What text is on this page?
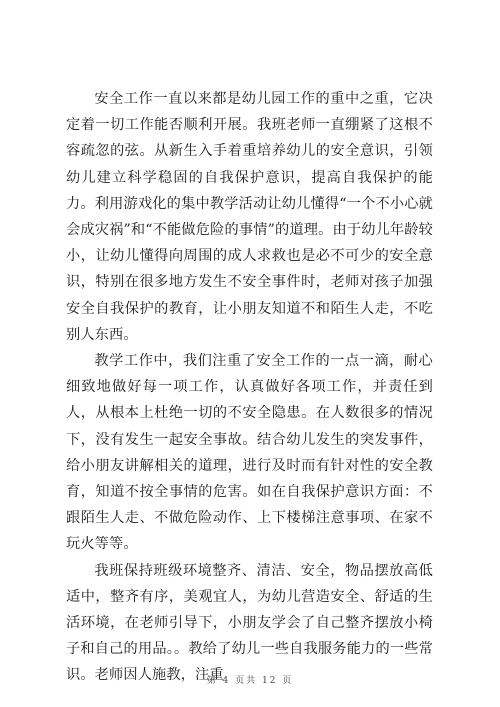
安全工作一直以来都是幼儿园工作的重中之重，它决定着一切工作能否顺利开展。我班老师一直绷紧了这根不容疏忽的弦。从新生入手着重培养幼儿的安全意识，引领幼儿建立科学稳固的自我保护意识，提高自我保护的能力。利用游戏化的集中教学活动让幼儿懂得“一个不小心就会成灾祸”和“不能做危险的事情”的道理。由于幼儿年龄较小，让幼儿懂得向周围的成人求救也是必不可少的安全意识，特别在很多地方发生不安全事件时，老师对孩子加强安全自我保护的教育，让小朋友知道不和陌生人走，不吃别人东西。

教学工作中，我们注重了安全工作的一点一滴，耐心细致地做好每一项工作，认真做好各项工作，并责任到人，从根本上杜绝一切的不安全隐患。在人数很多的情况下，没有发生一起安全事故。结合幼儿发生的突发事件，给小朋友讲解相关的道理，进行及时而有针对性的安全教育，知道不按全事情的危害。如在自我保护意识方面：不跟陌生人走、不做危险动作、上下楼梯注意事项、在家不玩火等等。

我班保持班级环境整齐、清洁、安全，物品摆放高低适中，整齐有序，美观宜人，为幼儿营造安全、舒适的生活环境，在老师引导下，小朋友学会了自己整齐摆放小椅子和自己的用品。。教给了幼儿一些自我服务能力的一些常识。老师因人施教，注重

第 4 页共 12 页
